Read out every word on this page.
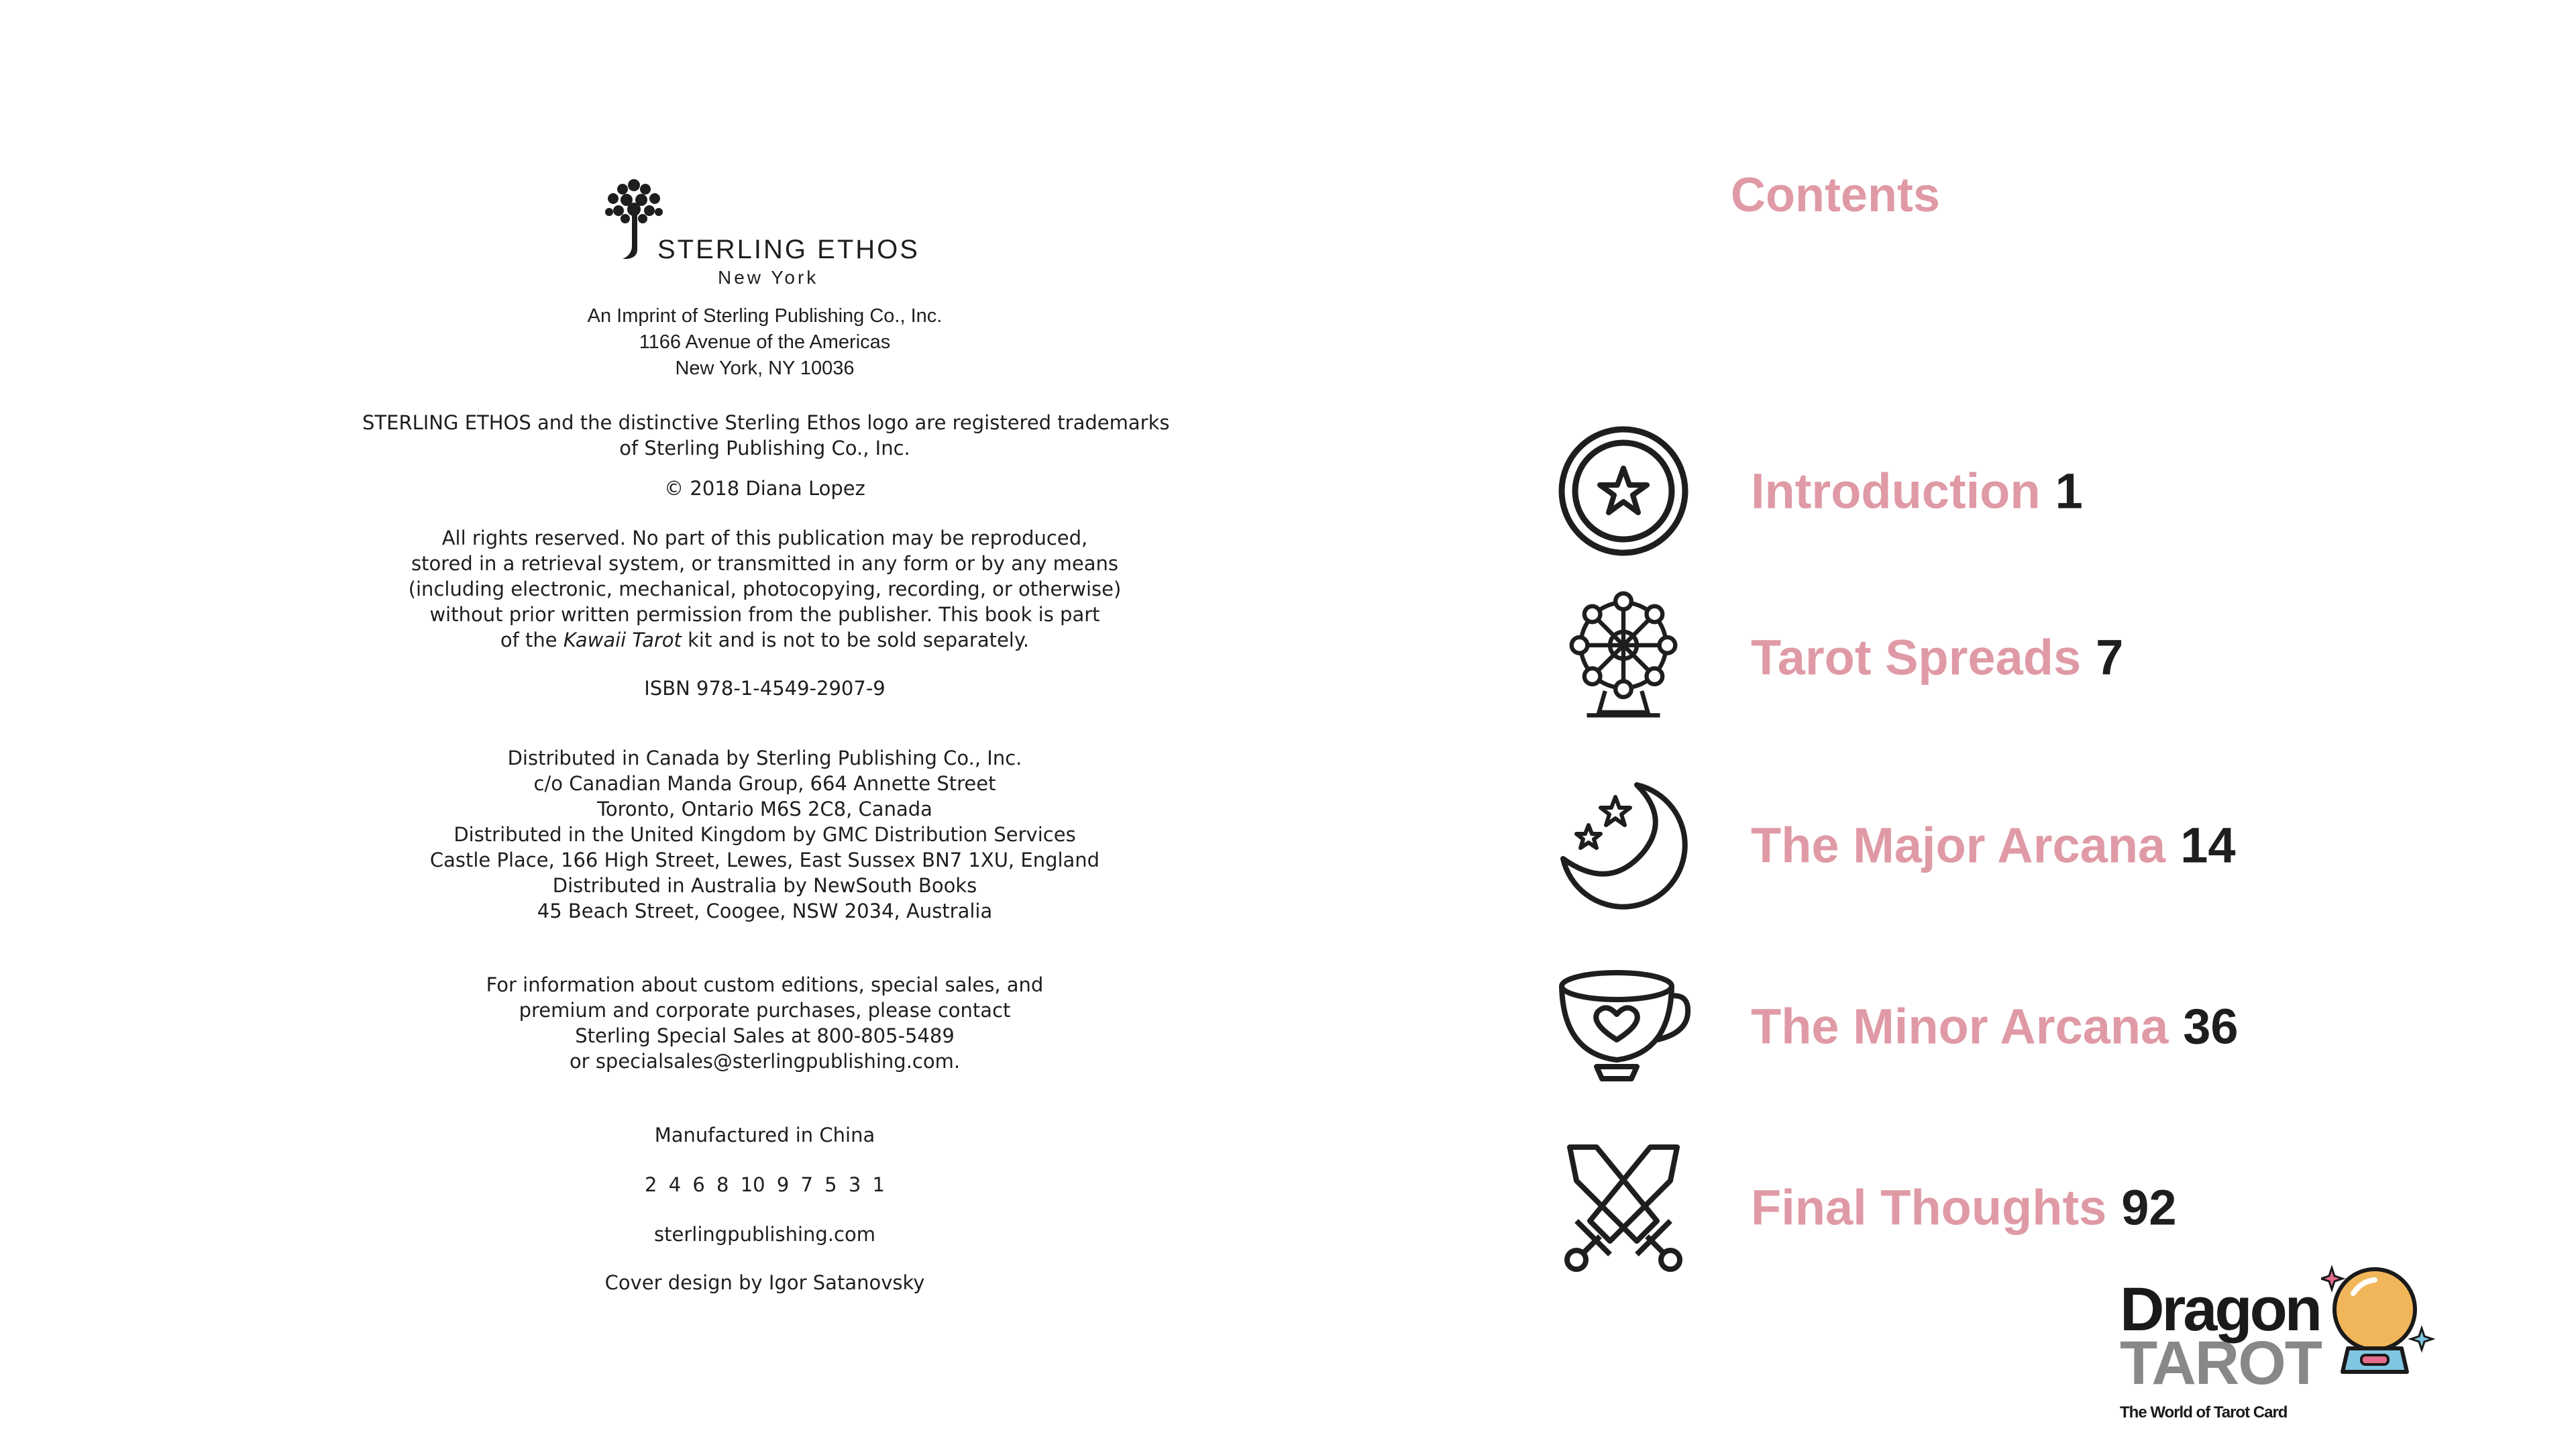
STERLING ETHOS
New York
An Imprint of Sterling Publishing Co., Inc.
1166 Avenue of the Americas
New York, NY 10036
STERLING ETHOS and the distinctive Sterling Ethos logo are registered trademarks
of Sterling Publishing Co., Inc.
© 2018 Diana Lopez
All rights reserved. No part of this publication may be reproduced,
stored in a retrieval system, or transmitted in any form or by any means
(including electronic, mechanical, photocopying, recording, or otherwise)
without prior written permission from the publisher. This book is part
of the Kawaii Tarot kit and is not to be sold separately.
ISBN 978-1-4549-2907-9
Distributed in Canada by Sterling Publishing Co., Inc.
c/o Canadian Manda Group, 664 Annette Street
Toronto, Ontario M6S 2C8, Canada
Distributed in the United Kingdom by GMC Distribution Services
Castle Place, 166 High Street, Lewes, East Sussex BN7 1XU, England
Distributed in Australia by NewSouth Books
45 Beach Street, Coogee, NSW 2034, Australia
For information about custom editions, special sales, and
premium and corporate purchases, please contact
Sterling Special Sales at 800-805-5489
or specialsales@sterlingpublishing.com.
Manufactured in China
2 4 6 8 10 9 7 5 3 1
sterlingpublishing.com
Cover design by Igor Satanovsky
Contents
Introduction 1
Tarot Spreads 7
The Major Arcana 14
The Minor Arcana 36
Final Thoughts 92
Dragon
TAROT
The World of Tarot Card
